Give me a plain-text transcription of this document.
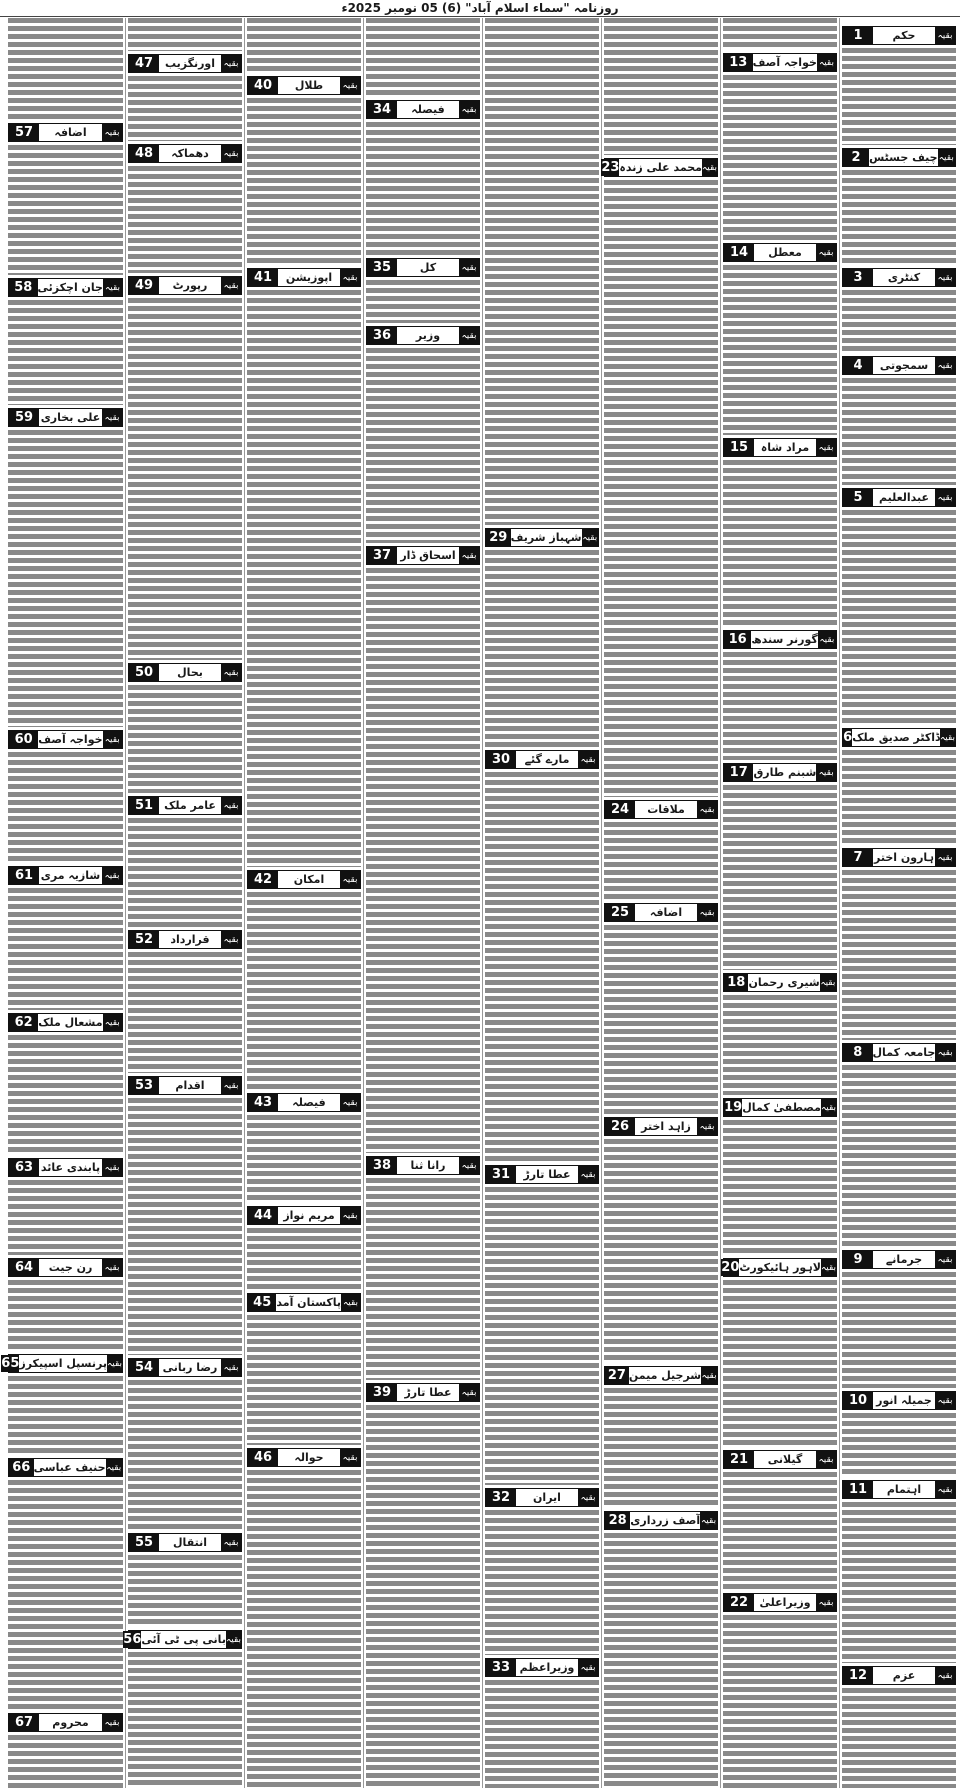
روزنامہ "سماء اسلام آباد"
(6)
05 نومبر 2025ء
بقیہ
حکم
1
بقیہ
چیف جسٹس
2
بقیہ
کنٹری
3
بقیہ
سمجوتی
4
بقیہ
عبدالعلیم
5
بقیہ
ڈاکٹر صدیق ملک
6
بقیہ
ہارون اختر
7
بقیہ
جامعہ کمال
8
بقیہ
جرمانے
9
بقیہ
جمیلہ انور
10
بقیہ
اہتمام
11
بقیہ
عزم
12
بقیہ
خواجہ آصف
13
بقیہ
معطل
14
بقیہ
مراد شاہ
15
بقیہ
گورنر سندھ
16
بقیہ
شبنم طارق
17
بقیہ
شیری رحمان
18
بقیہ
مصطفیٰ کمال
19
بقیہ
لاہور ہائیکورٹ
20
بقیہ
گیلانی
21
بقیہ
وزیراعلیٰ
22
بقیہ
محمد علی زندہ
23
بقیہ
ملاقات
24
بقیہ
اضافہ
25
بقیہ
زاہد اختر
26
بقیہ
شرجیل میمن
27
بقیہ
آصف زرداری
28
بقیہ
شہباز شریف
29
بقیہ
مارے گئے
30
بقیہ
عطا تارڑ
31
بقیہ
ایران
32
بقیہ
وزیراعظم
33
بقیہ
فیصلہ
34
بقیہ
کل
35
بقیہ
وزیر
36
بقیہ
اسحاق ڈار
37
بقیہ
رانا ثنا
38
بقیہ
عطا تارڑ
39
بقیہ
طلال
40
بقیہ
اپوزیشن
41
بقیہ
امکان
42
بقیہ
فیصلہ
43
بقیہ
مریم نواز
44
بقیہ
پاکستان آمد
45
بقیہ
حوالہ
46
بقیہ
اورنگزیب
47
بقیہ
دھماکہ
48
بقیہ
رپورٹ
49
بقیہ
بحال
50
بقیہ
عامر ملک
51
بقیہ
قرارداد
52
بقیہ
اقدام
53
بقیہ
رضا ربانی
54
بقیہ
انتقال
55
بقیہ
بانی پی ٹی آئی
56
بقیہ
اضافہ
57
بقیہ
جان اچکزئی
58
بقیہ
علی بخاری
59
بقیہ
خواجہ آصف
60
بقیہ
شازیہ مری
61
بقیہ
مشعال ملک
62
بقیہ
پابندی عائد
63
بقیہ
رن جیت
64
بقیہ
پرنسپل اسپیکرز
65
بقیہ
حنیف عباسی
66
بقیہ
محروم
67
